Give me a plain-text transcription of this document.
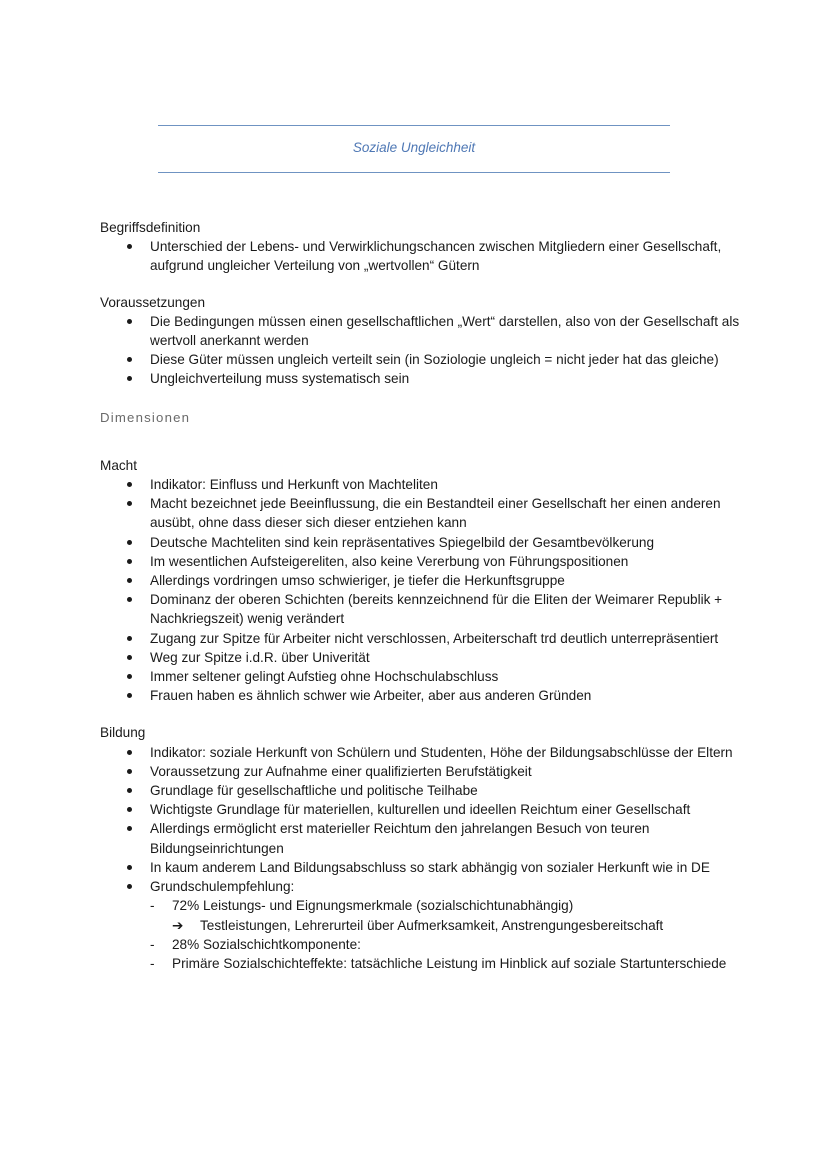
Soziale Ungleichheit
Begriffsdefinition
Unterschied der Lebens- und Verwirklichungschancen zwischen Mitgliedern einer Gesellschaft, aufgrund ungleicher Verteilung von „wertvollen“ Gütern
Voraussetzungen
Die Bedingungen müssen einen gesellschaftlichen „Wert“ darstellen, also von der Gesellschaft als wertvoll anerkannt werden
Diese Güter müssen ungleich verteilt sein (in Soziologie ungleich = nicht jeder hat das gleiche)
Ungleichverteilung muss systematisch sein
Dimensionen
Macht
Indikator: Einfluss und Herkunft von Machteliten
Macht bezeichnet jede Beeinflussung, die ein Bestandteil einer Gesellschaft her einen anderen ausübt, ohne dass dieser sich dieser entziehen kann
Deutsche Machteliten sind kein repräsentatives Spiegelbild der Gesamtbevölkerung
Im wesentlichen Aufsteigereliten, also keine Vererbung von Führungspositionen
Allerdings vordringen umso schwieriger, je tiefer die Herkunftsgruppe
Dominanz der oberen Schichten (bereits kennzeichnend für die Eliten der Weimarer Republik + Nachkriegszeit) wenig verändert
Zugang zur Spitze für Arbeiter nicht verschlossen, Arbeiterschaft trd deutlich unterrepräsentiert
Weg zur Spitze i.d.R. über Univerität
Immer seltener gelingt Aufstieg ohne Hochschulabschluss
Frauen haben es ähnlich schwer wie Arbeiter, aber aus anderen Gründen
Bildung
Indikator: soziale Herkunft von Schülern und Studenten, Höhe der Bildungsabschlüsse der Eltern
Voraussetzung zur Aufnahme einer qualifizierten Berufstätigkeit
Grundlage für gesellschaftliche und politische Teilhabe
Wichtigste Grundlage für materiellen, kulturellen und ideellen Reichtum einer Gesellschaft
Allerdings ermöglicht erst materieller Reichtum den jahrelangen Besuch von teuren Bildungseinrichtungen
In kaum anderem Land Bildungsabschluss so stark abhängig von sozialer Herkunft wie in DE
Grundschulempfehlung:
- 72% Leistungs- und Eignungsmerkmale (sozialschichtunabhängig)
➔ Testleistungen, Lehrerurteil über Aufmerksamkeit, Anstrengungesbereitschaft
- 28% Sozialschichtkomponente:
- Primäre Sozialschichteffekte: tatsächliche Leistung im Hinblick auf soziale Startunterschiede
